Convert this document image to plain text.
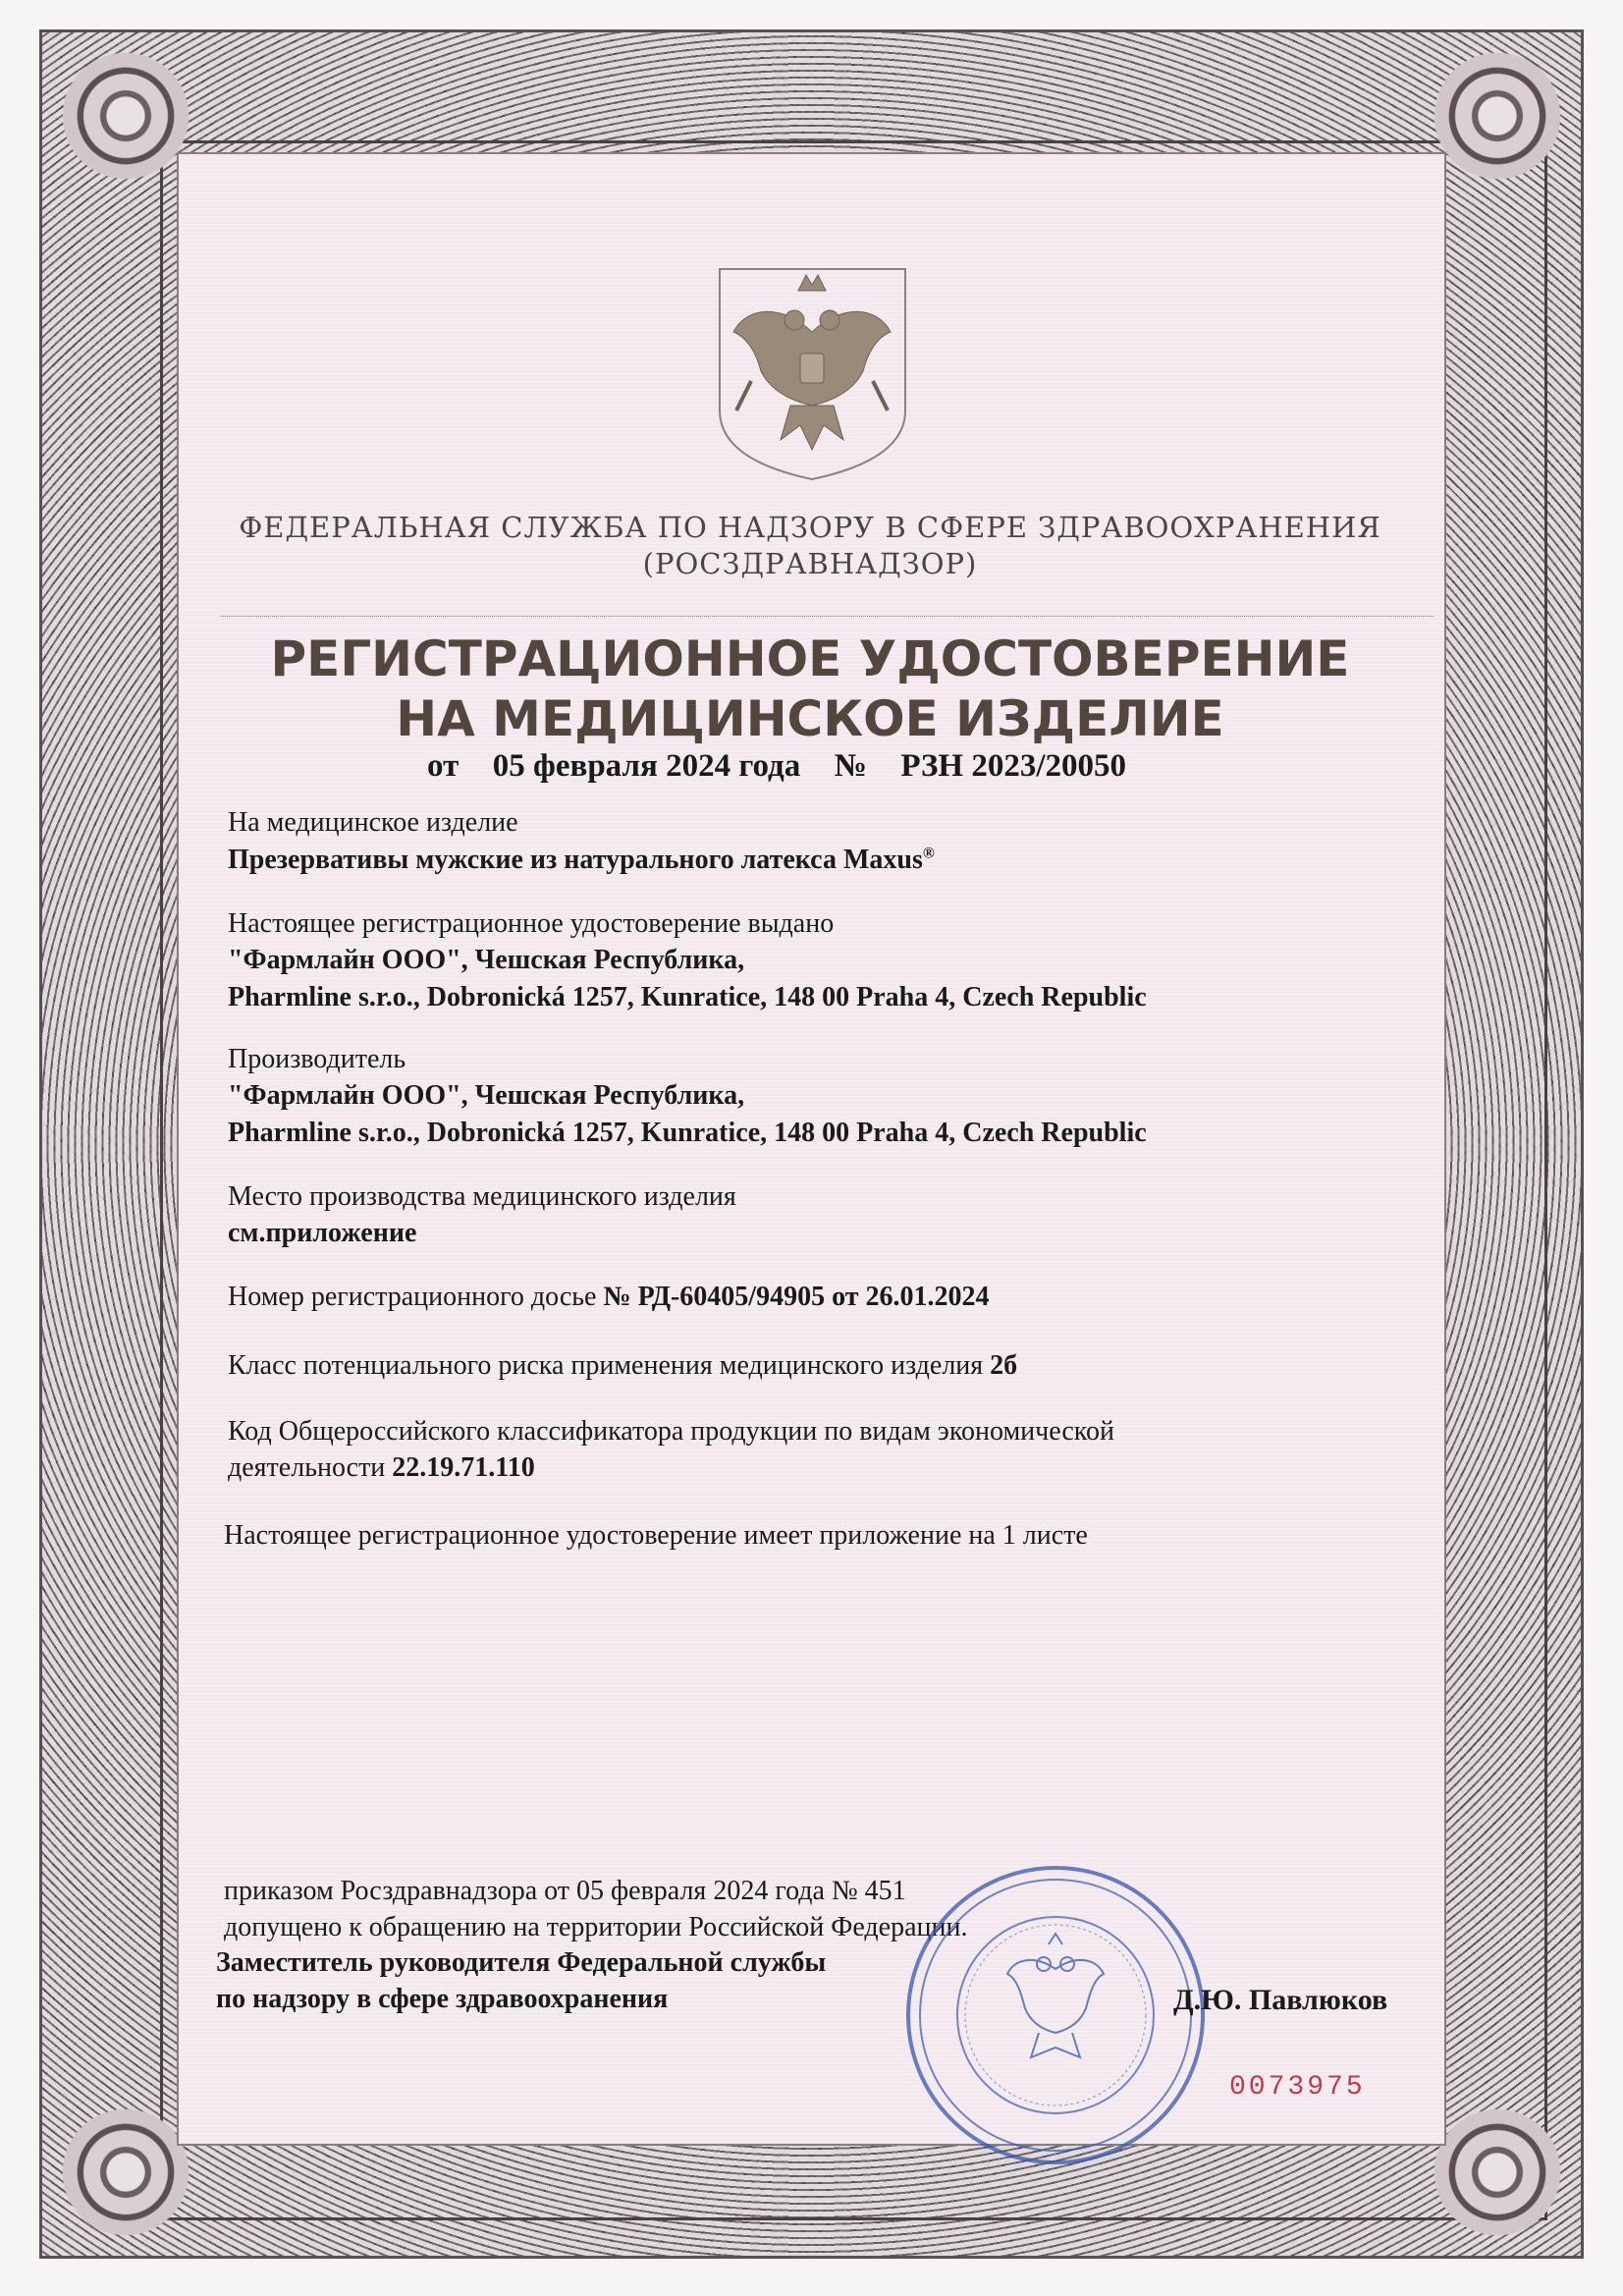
ФЕДЕРАЛЬНАЯ СЛУЖБА ПО НАДЗОРУ В СФЕРЕ ЗДРАВООХРАНЕНИЯ
(РОСЗДРАВНАДЗОР)
РЕГИСТРАЦИОННОЕ УДОСТОВЕРЕНИЕ
НА МЕДИЦИНСКОЕ ИЗДЕЛИЕ
от 05 февраля 2024 года № РЗН 2023/20050
На медицинское изделие
Презервативы мужские из натурального латекса Maxus®
Настоящее регистрационное удостоверение выдано
"Фармлайн ООО", Чешская Республика,
Pharmline s.r.o., Dobronická 1257, Kunratice, 148 00 Praha 4, Czech Republic
Производитель
"Фармлайн ООО", Чешская Республика,
Pharmline s.r.o., Dobronická 1257, Kunratice, 148 00 Praha 4, Czech Republic
Место производства медицинского изделия
см.приложение
Номер регистрационного досье № РД-60405/94905 от 26.01.2024
Класс потенциального риска применения медицинского изделия 2б
Код Общероссийского классификатора продукции по видам экономической
деятельности 22.19.71.110
Настоящее регистрационное удостоверение имеет приложение на 1 листе
приказом Росздравнадзора от 05 февраля 2024 года № 451
допущено к обращению на территории Российской Федерации.
Заместитель руководителя Федеральной службы
по надзору в сфере здравоохранения	Д.Ю. Павлюков
0073975
